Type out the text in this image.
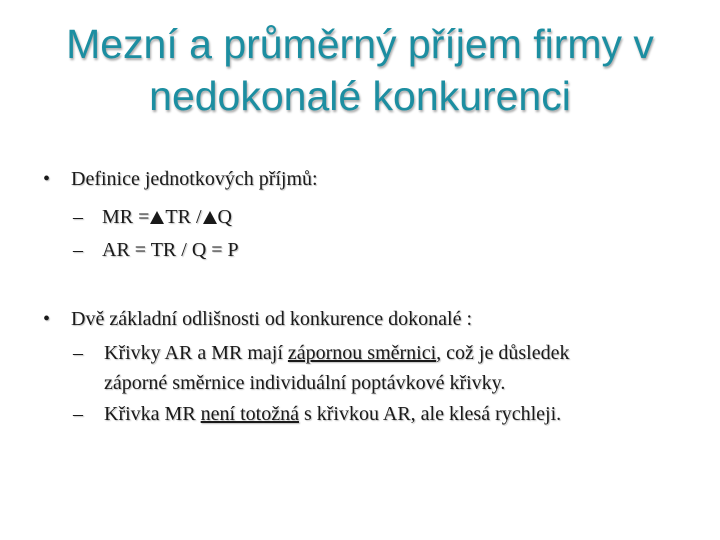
Mezní a průměrný příjem firmy v
nedokonalé konkurenci
• Definice jednotkových příjmů:
– MR = TR / Q
– AR = TR / Q = P
• Dvě základní odlišnosti od konkurence dokonalé :
– Křivky AR a MR mají zápornou směrnici, což je důsledek
záporné směrnice individuální poptávkové křivky.
– Křivka MR není totožná s křivkou AR, ale klesá rychleji.
